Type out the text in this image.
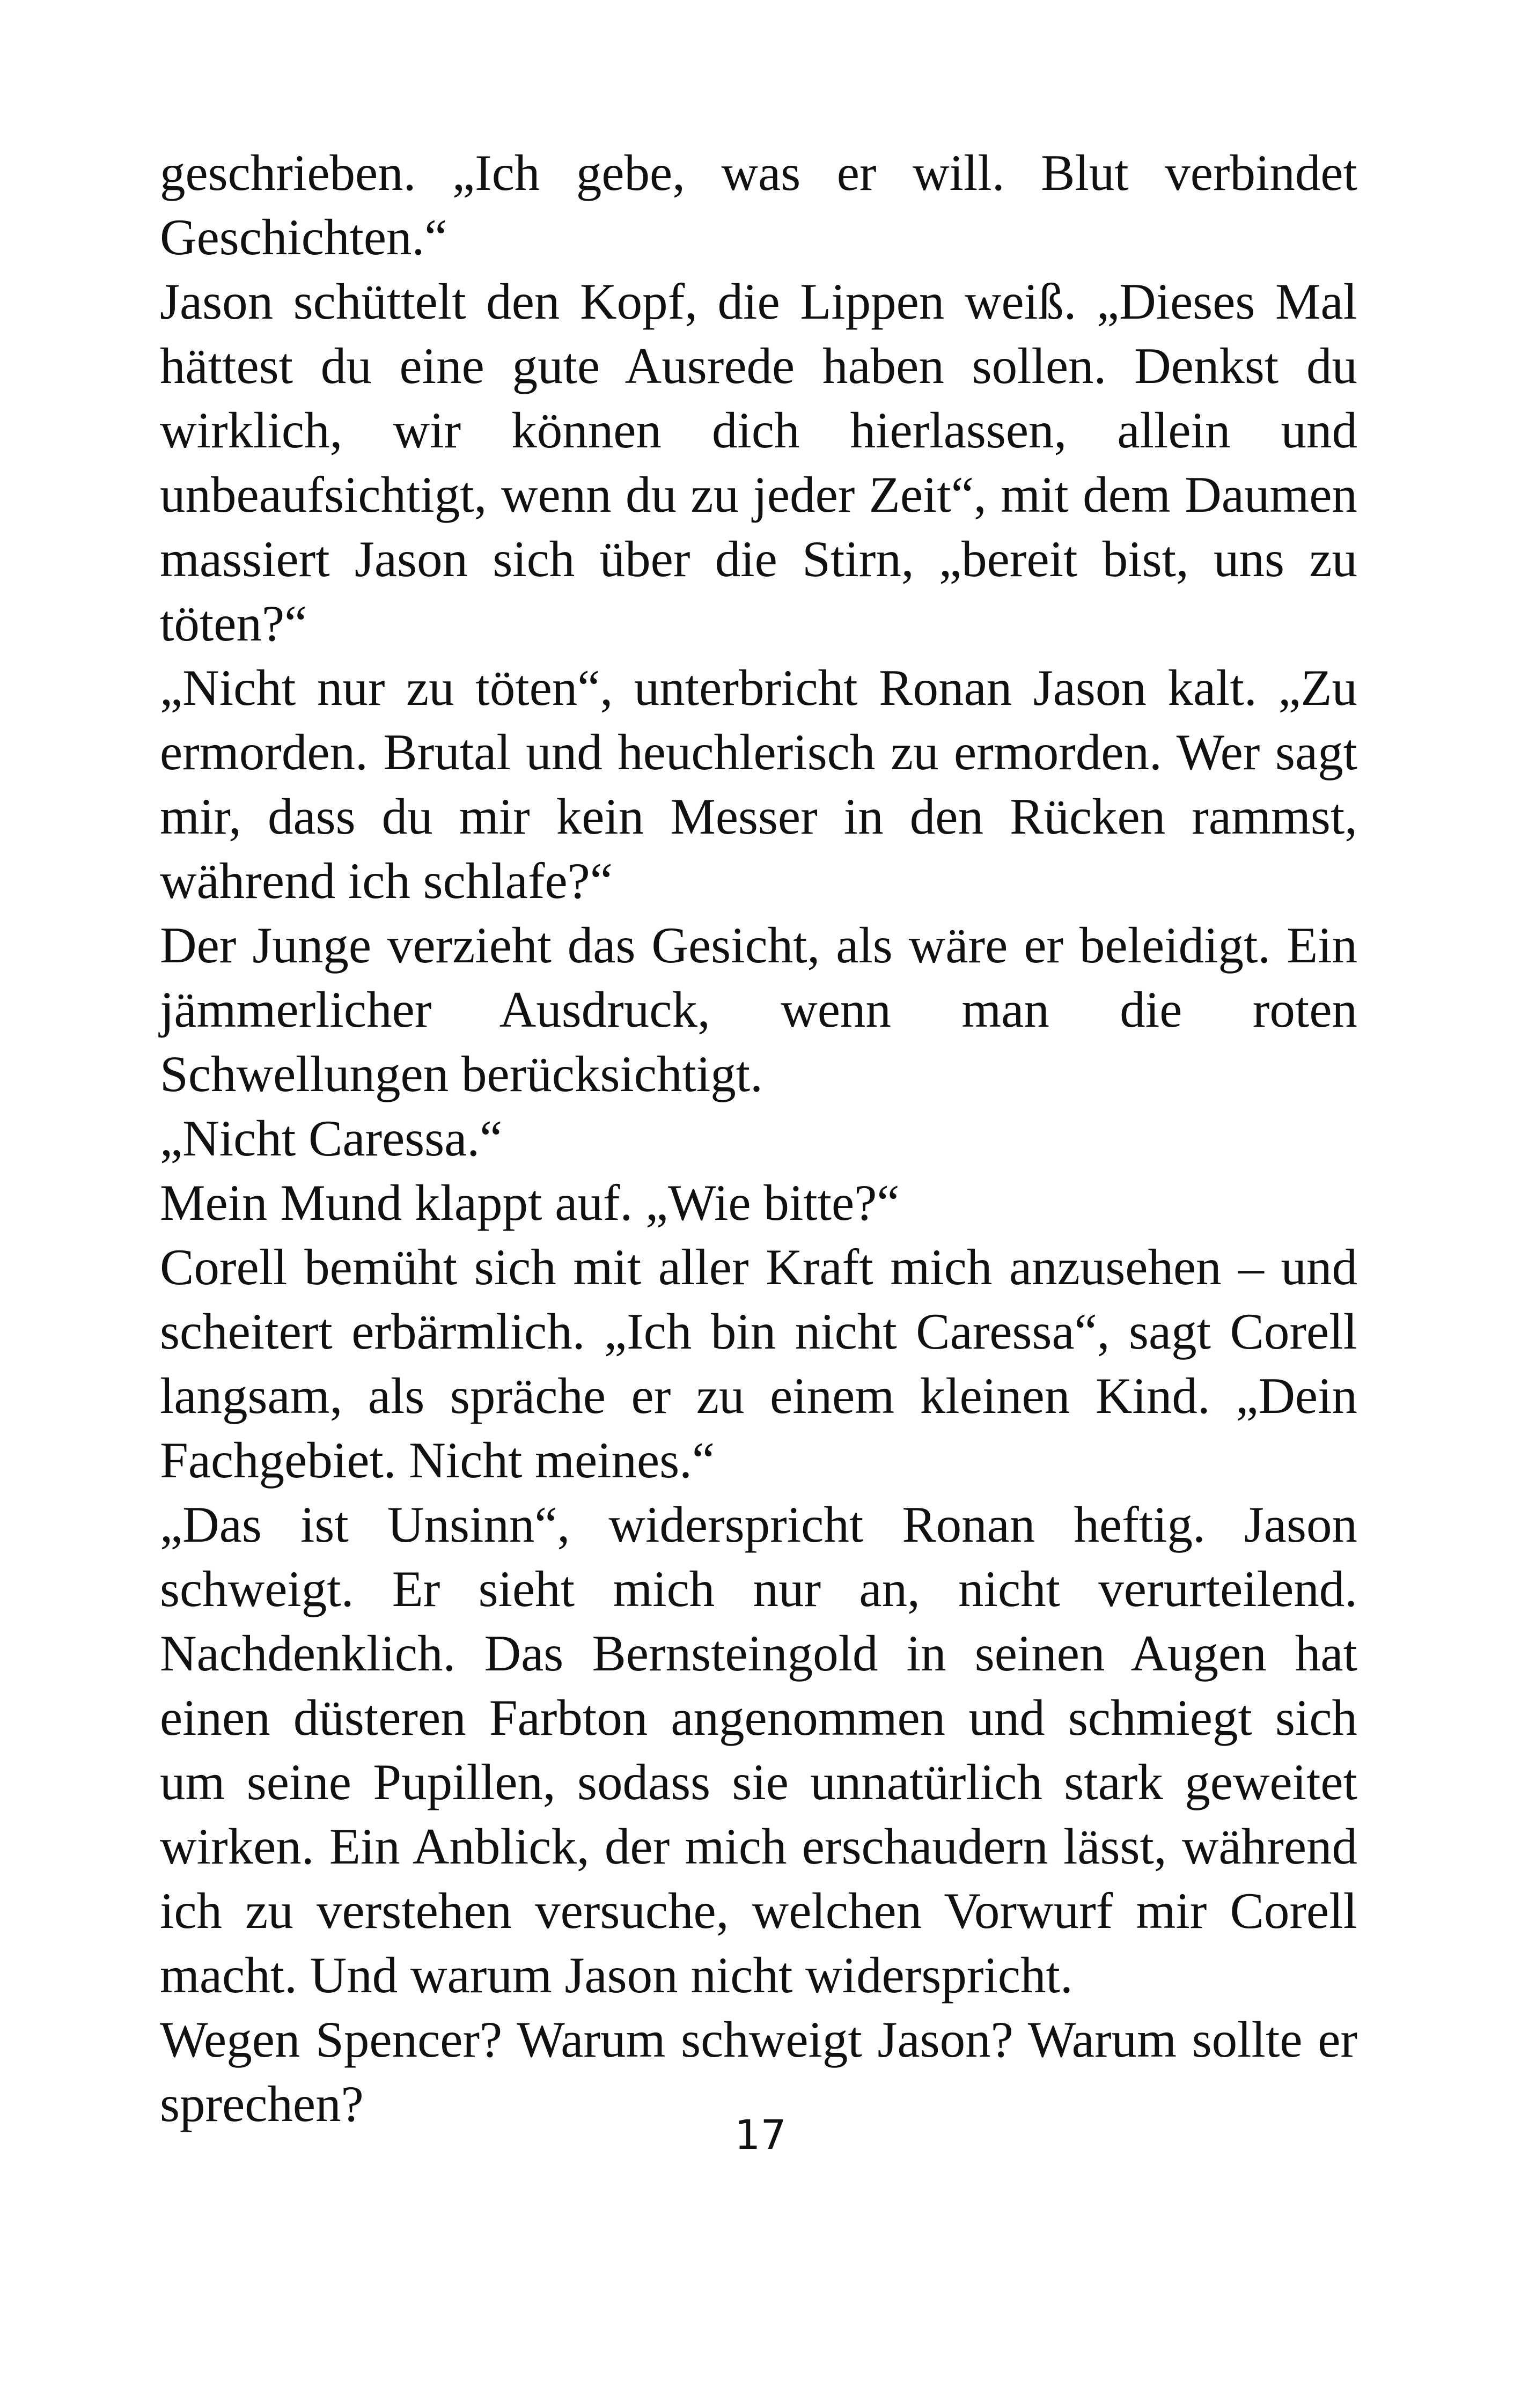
geschrieben. „Ich gebe, was er will. Blut verbindet Geschichten.“

Jason schüttelt den Kopf, die Lippen weiß. „Dieses Mal hättest du eine gute Ausrede haben sollen. Denkst du wirklich, wir können dich hierlassen, allein und unbeaufsichtigt, wenn du zu jeder Zeit“, mit dem Daumen massiert Jason sich über die Stirn, „bereit bist, uns zu töten?“

„Nicht nur zu töten“, unterbricht Ronan Jason kalt. „Zu ermorden. Brutal und heuchlerisch zu ermorden. Wer sagt mir, dass du mir kein Messer in den Rücken rammst, während ich schlafe?“

Der Junge verzieht das Gesicht, als wäre er beleidigt. Ein jämmerlicher Ausdruck, wenn man die roten Schwellungen berücksichtigt.

„Nicht Caressa.“

Mein Mund klappt auf. „Wie bitte?“

Corell bemüht sich mit aller Kraft mich anzusehen – und scheitert erbärmlich. „Ich bin nicht Caressa“, sagt Corell langsam, als spräche er zu einem kleinen Kind. „Dein Fachgebiet. Nicht meines.“

„Das ist Unsinn“, widerspricht Ronan heftig. Jason schweigt. Er sieht mich nur an, nicht verurteilend. Nachdenklich. Das Bernsteingold in seinen Augen hat einen düsteren Farbton angenommen und schmiegt sich um seine Pupillen, sodass sie unnatürlich stark geweitet wirken. Ein Anblick, der mich erschaudern lässt, während ich zu verstehen versuche, welchen Vorwurf mir Corell macht. Und warum Jason nicht widerspricht.

Wegen Spencer? Warum schweigt Jason? Warum sollte er sprechen?

17
